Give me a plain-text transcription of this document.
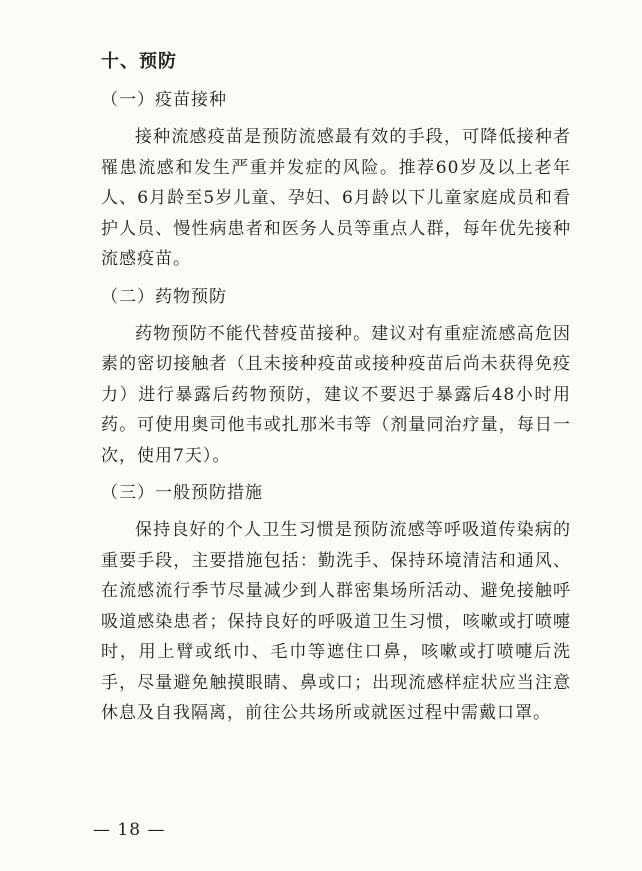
十、预防
（一）疫苗接种

接种流感疫苗是预防流感最有效的手段，可降低接种者罹患流感和发生严重并发症的风险。推荐60岁及以上老年人、6月龄至5岁儿童、孕妇、6月龄以下儿童家庭成员和看护人员、慢性病患者和医务人员等重点人群，每年优先接种流感疫苗。

（二）药物预防

药物预防不能代替疫苗接种。建议对有重症流感高危因素的密切接触者（且未接种疫苗或接种疫苗后尚未获得免疫力）进行暴露后药物预防，建议不要迟于暴露后48小时用药。可使用奥司他韦或扎那米韦等（剂量同治疗量，每日一次，使用7天）。

（三）一般预防措施

保持良好的个人卫生习惯是预防流感等呼吸道传染病的重要手段，主要措施包括：勤洗手、保持环境清洁和通风、在流感流行季节尽量减少到人群密集场所活动、避免接触呼吸道感染患者；保持良好的呼吸道卫生习惯，咳嗽或打喷嚏时，用上臂或纸巾、毛巾等遮住口鼻，咳嗽或打喷嚏后洗手，尽量避免触摸眼睛、鼻或口；出现流感样症状应当注意休息及自我隔离，前往公共场所或就医过程中需戴口罩。

— 18 —
